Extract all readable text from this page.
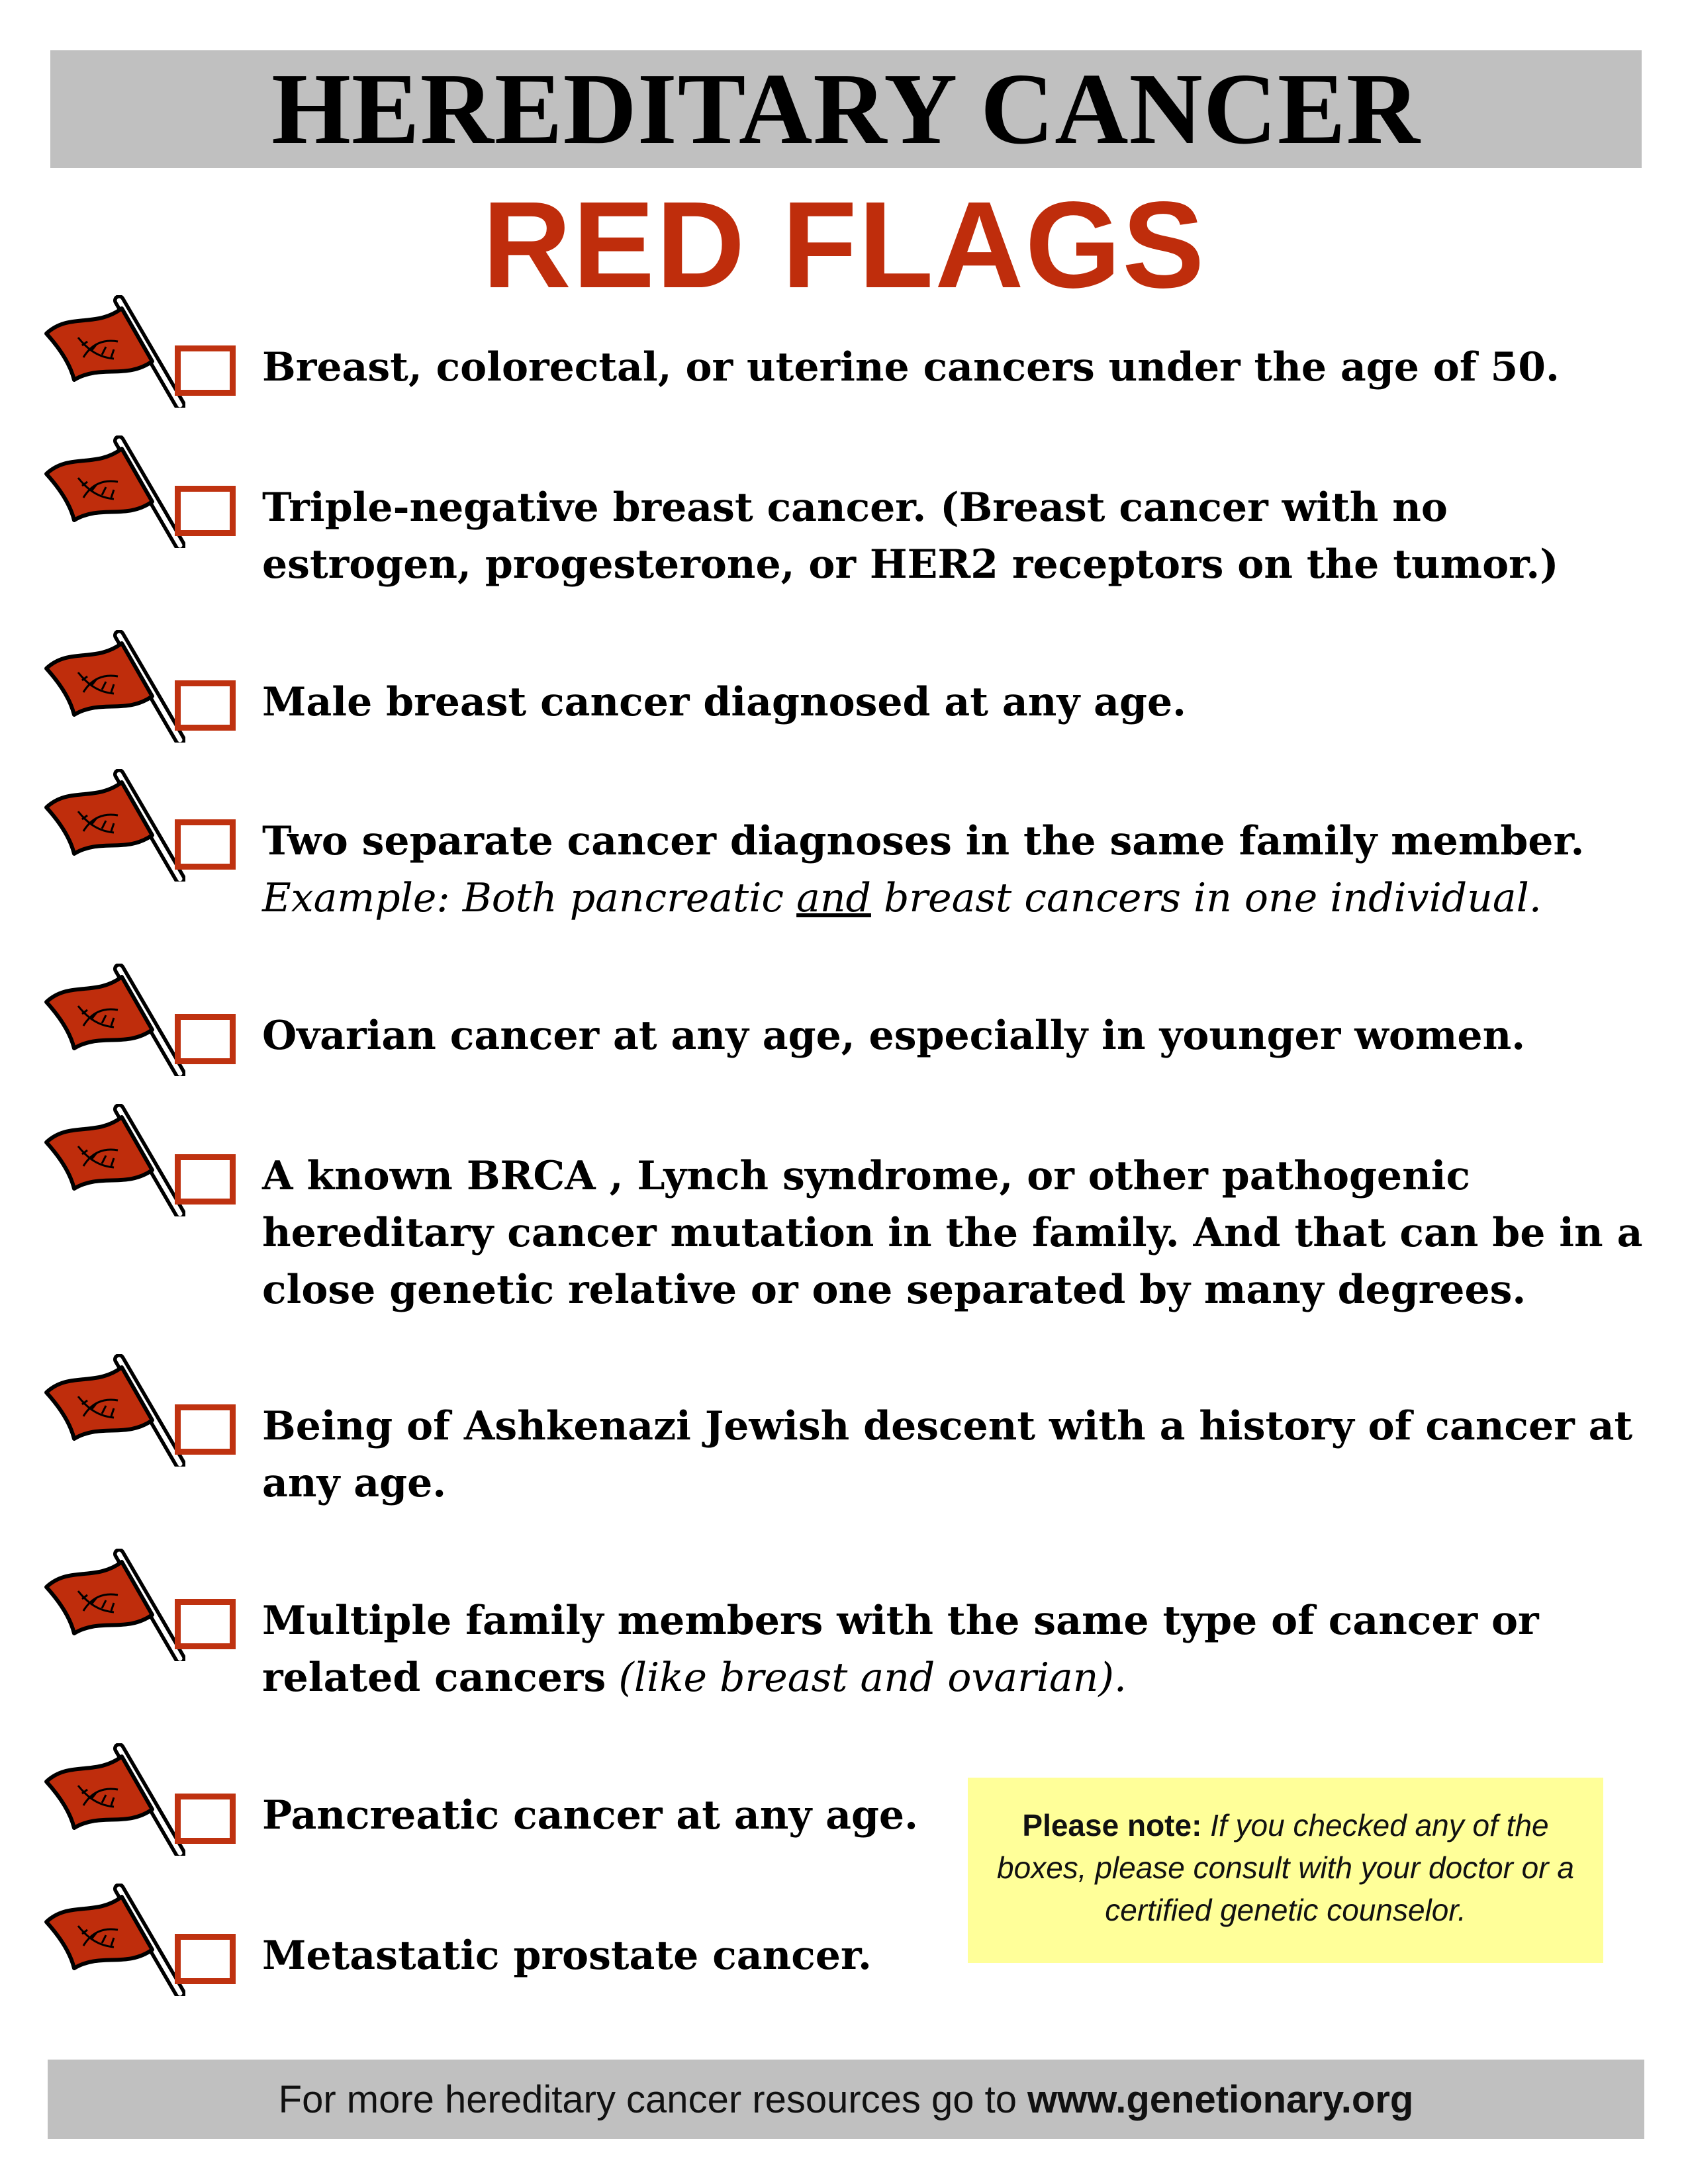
HEREDITARY CANCER
RED FLAGS
Breast, colorectal, or uterine cancers under the age of 50.
Triple-negative breast cancer. (Breast cancer with no estrogen, progesterone, or HER2 receptors on the tumor.)
Male breast cancer diagnosed at any age.
Two separate cancer diagnoses in the same family member.
Example: Both pancreatic and breast cancers in one individual.
Ovarian cancer at any age, especially in younger women.
A known BRCA , Lynch syndrome, or other pathogenic hereditary cancer mutation in the family. And that can be in a close genetic relative or one separated by many degrees.
Being of Ashkenazi Jewish descent with a history of cancer at any age.
Multiple family members with the same type of cancer or related cancers (like breast and ovarian).
Pancreatic cancer at any age.
Metastatic prostate cancer.
Please note: If you checked any of the boxes, please consult with your doctor or a certified genetic counselor.
For more hereditary cancer resources go to www.genetionary.org
